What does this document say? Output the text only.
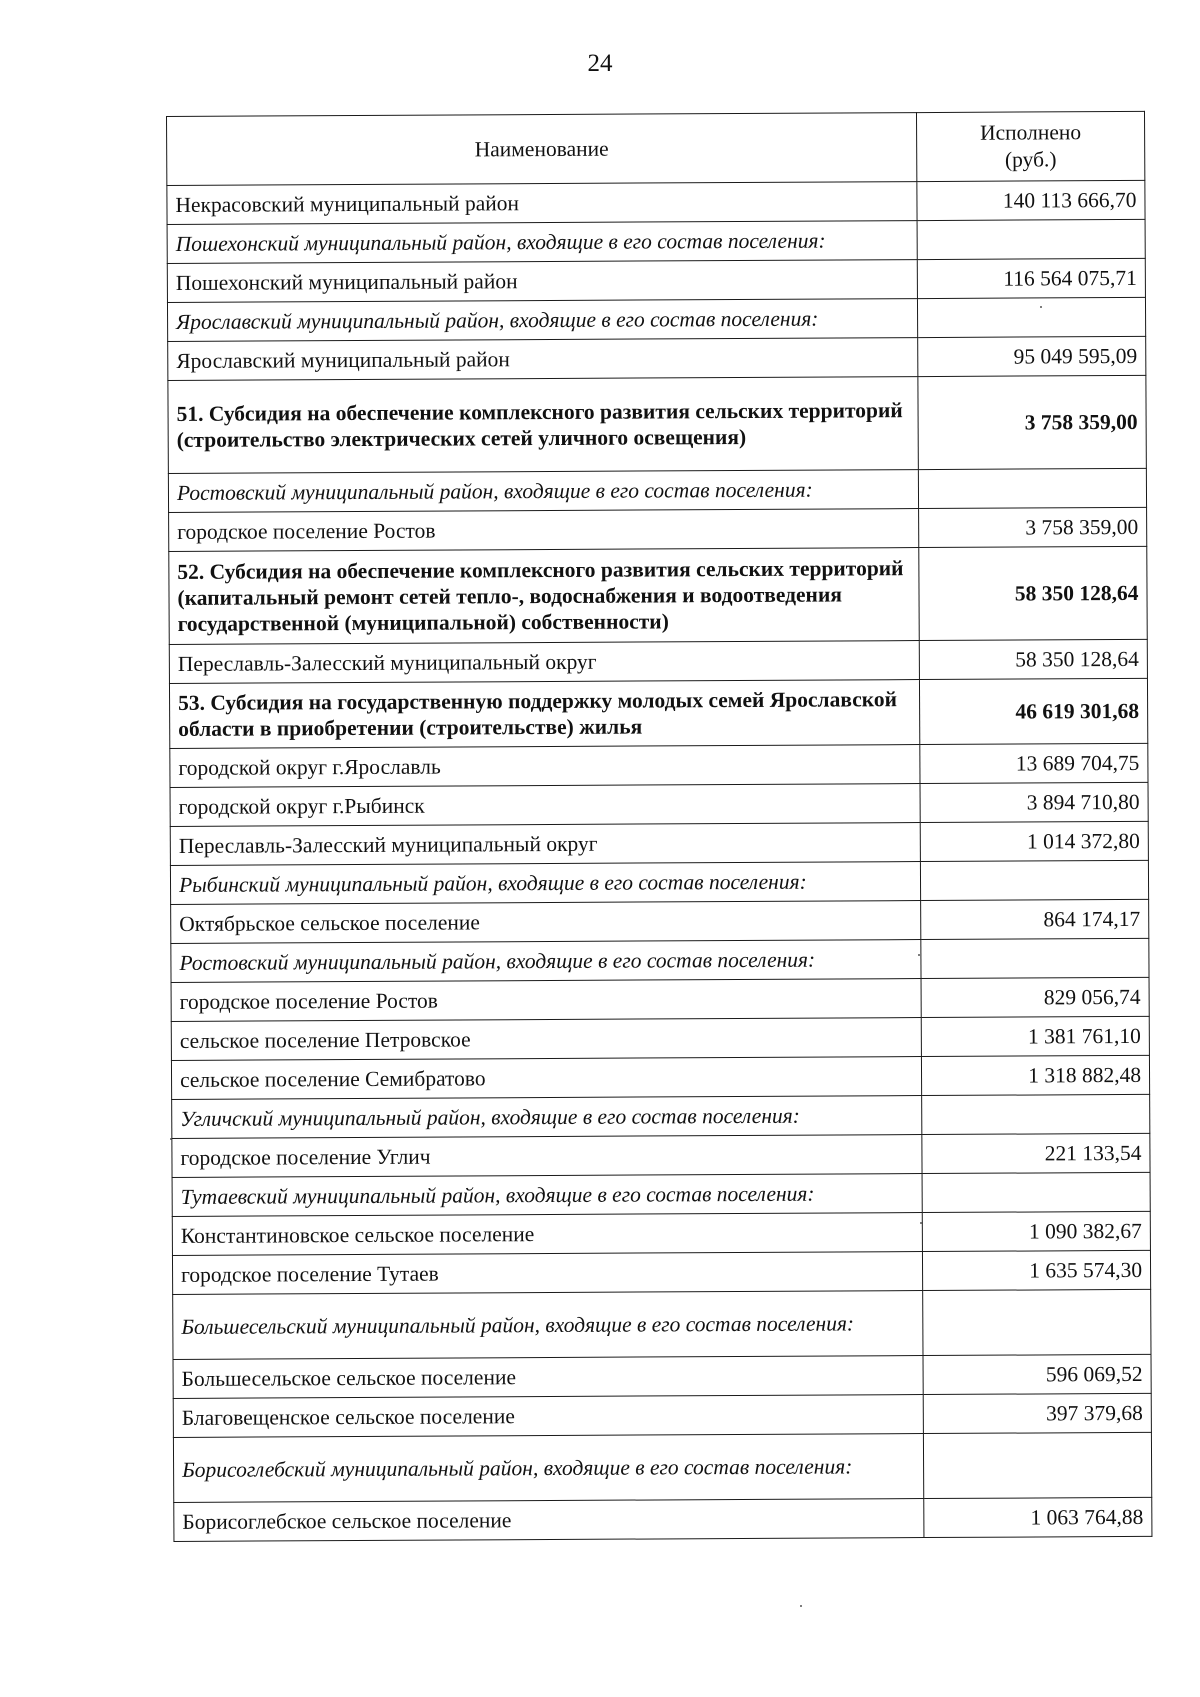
24
Наименование	Исполнено
(руб.)
Некрасовский муниципальный район	140 113 666,70
Пошехонский муниципальный район, входящие в его состав поселения:	
Пошехонский муниципальный район	116 564 075,71
Ярославский муниципальный район, входящие в его состав поселения:	
Ярославский муниципальный район	95 049 595,09
51. Субсидия на обеспечение комплексного развития сельских территорий (строительство электрических сетей уличного освещения)	3 758 359,00
Ростовский муниципальный район, входящие в его состав поселения:	
городское поселение Ростов	3 758 359,00
52. Субсидия на обеспечение комплексного развития сельских территорий (капитальный ремонт сетей тепло-, водоснабжения и водоотведения государственной (муниципальной) собственности)	58 350 128,64
Переславль-Залесский муниципальный округ	58 350 128,64
53. Субсидия на государственную поддержку молодых семей Ярославской области в приобретении (строительстве) жилья	46 619 301,68
городской округ г.Ярославль	13 689 704,75
городской округ г.Рыбинск	3 894 710,80
Переславль-Залесский муниципальный округ	1 014 372,80
Рыбинский муниципальный район, входящие в его состав поселения:	
Октябрьское сельское поселение	864 174,17
Ростовский муниципальный район, входящие в его состав поселения:	
городское поселение Ростов	829 056,74
сельское поселение Петровское	1 381 761,10
сельское поселение Семибратово	1 318 882,48
Угличский муниципальный район, входящие в его состав поселения:	
городское поселение Углич	221 133,54
Тутаевский муниципальный район, входящие в его состав поселения:	
Константиновское сельское поселение	1 090 382,67
городское поселение Тутаев	1 635 574,30
Большесельский муниципальный район, входящие в его состав поселения:	
Большесельское сельское поселение	596 069,52
Благовещенское сельское поселение	397 379,68
Борисоглебский муниципальный район, входящие в его состав поселения:	
Борисоглебское сельское поселение	1 063 764,88
